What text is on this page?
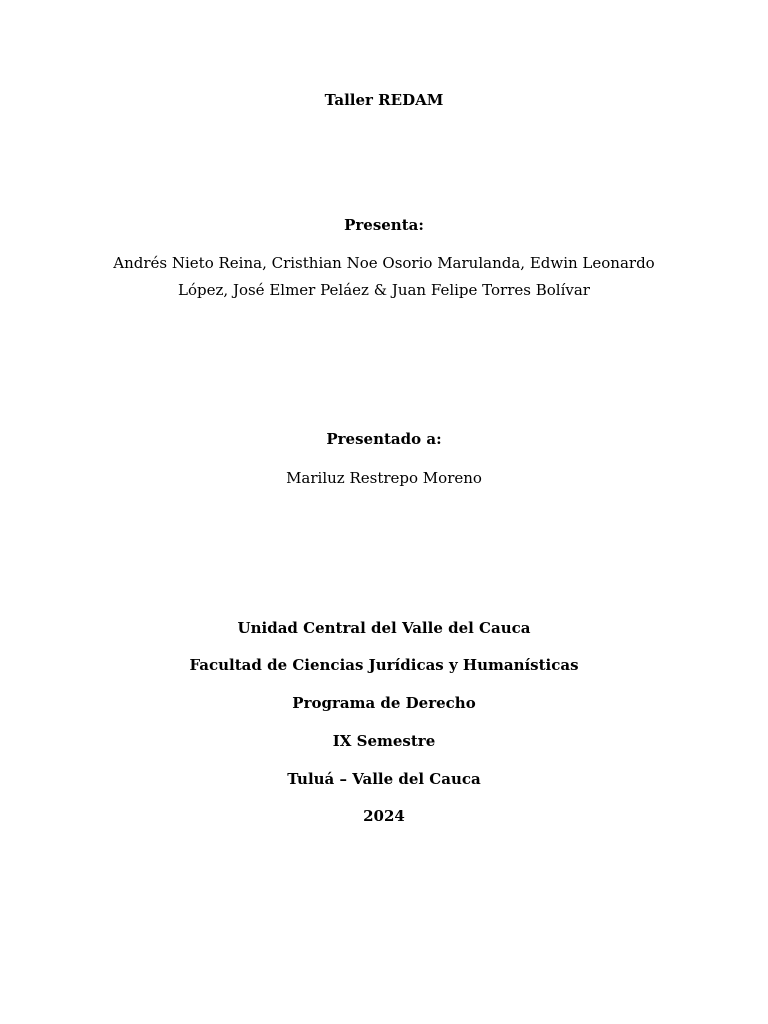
Taller REDAM
Presenta:
Andrés Nieto Reina, Cristhian Noe Osorio Marulanda, Edwin Leonardo López, José Elmer Peláez & Juan Felipe Torres Bolívar
Presentado a:
Mariluz Restrepo Moreno
Unidad Central del Valle del Cauca
Facultad de Ciencias Jurídicas y Humanísticas
Programa de Derecho
IX Semestre
Tuluá – Valle del Cauca
2024
